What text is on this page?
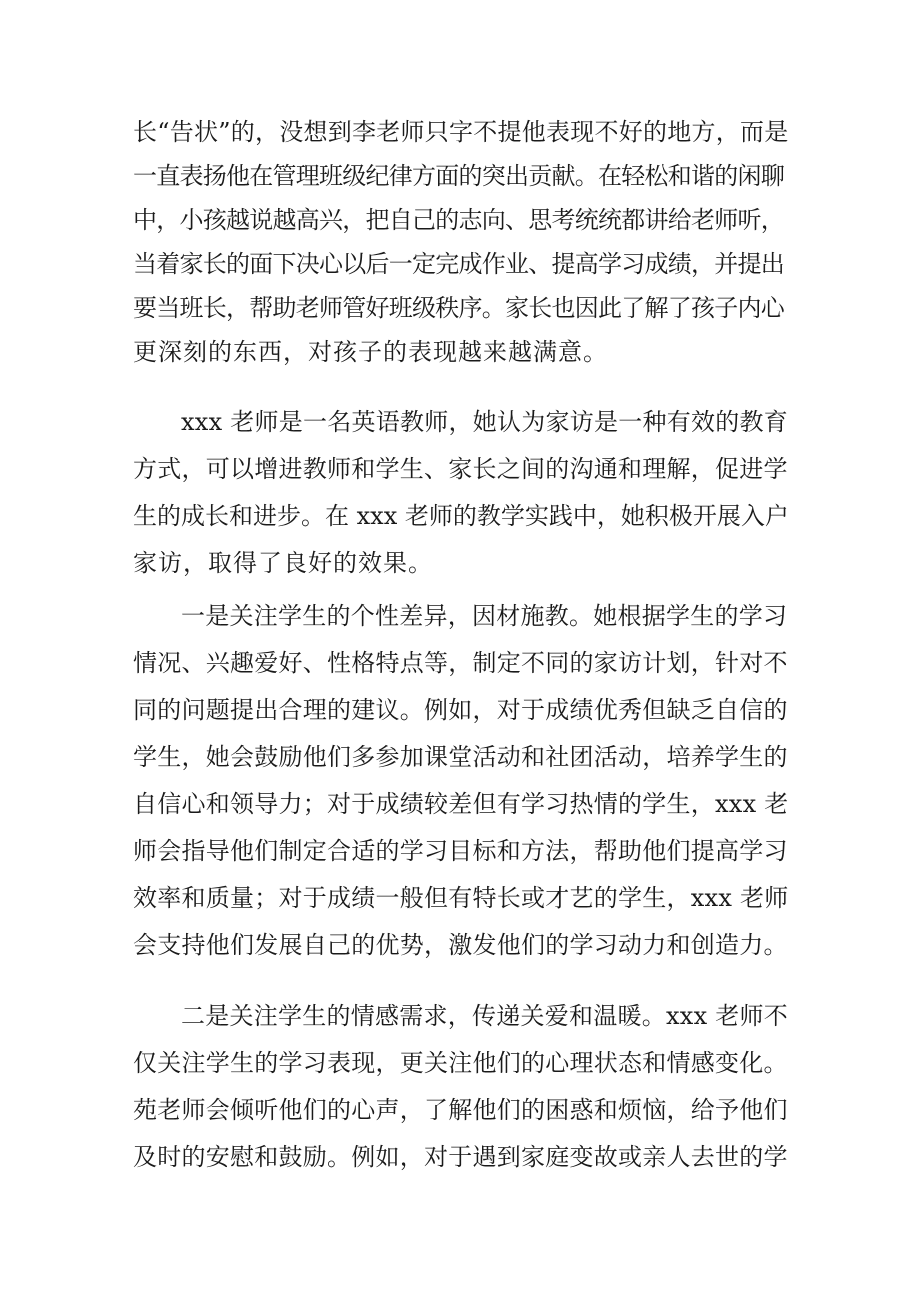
长“告状”的，没想到李老师只字不提他表现不好的地方，而是

一直表扬他在管理班级纪律方面的突出贡献。在轻松和谐的闲聊

中，小孩越说越高兴，把自己的志向、思考统统都讲给老师听，

当着家长的面下决心以后一定完成作业、提高学习成绩，并提出

要当班长，帮助老师管好班级秩序。家长也因此了解了孩子内心

更深刻的东西，对孩子的表现越来越满意。

xxx 老师是一名英语教师，她认为家访是一种有效的教育

方式，可以增进教师和学生、家长之间的沟通和理解，促进学

生的成长和进步。在 xxx 老师的教学实践中，她积极开展入户

家访，取得了良好的效果。

一是关注学生的个性差异，因材施教。她根据学生的学习

情况、兴趣爱好、性格特点等，制定不同的家访计划，针对不

同的问题提出合理的建议。例如，对于成绩优秀但缺乏自信的

学生，她会鼓励他们多参加课堂活动和社团活动，培养学生的

自信心和领导力；对于成绩较差但有学习热情的学生，xxx 老

师会指导他们制定合适的学习目标和方法，帮助他们提高学习

效率和质量；对于成绩一般但有特长或才艺的学生，xxx 老师

会支持他们发展自己的优势，激发他们的学习动力和创造力。

二是关注学生的情感需求，传递关爱和温暖。xxx 老师不

仅关注学生的学习表现，更关注他们的心理状态和情感变化。

苑老师会倾听他们的心声，了解他们的困惑和烦恼，给予他们

及时的安慰和鼓励。例如，对于遇到家庭变故或亲人去世的学
